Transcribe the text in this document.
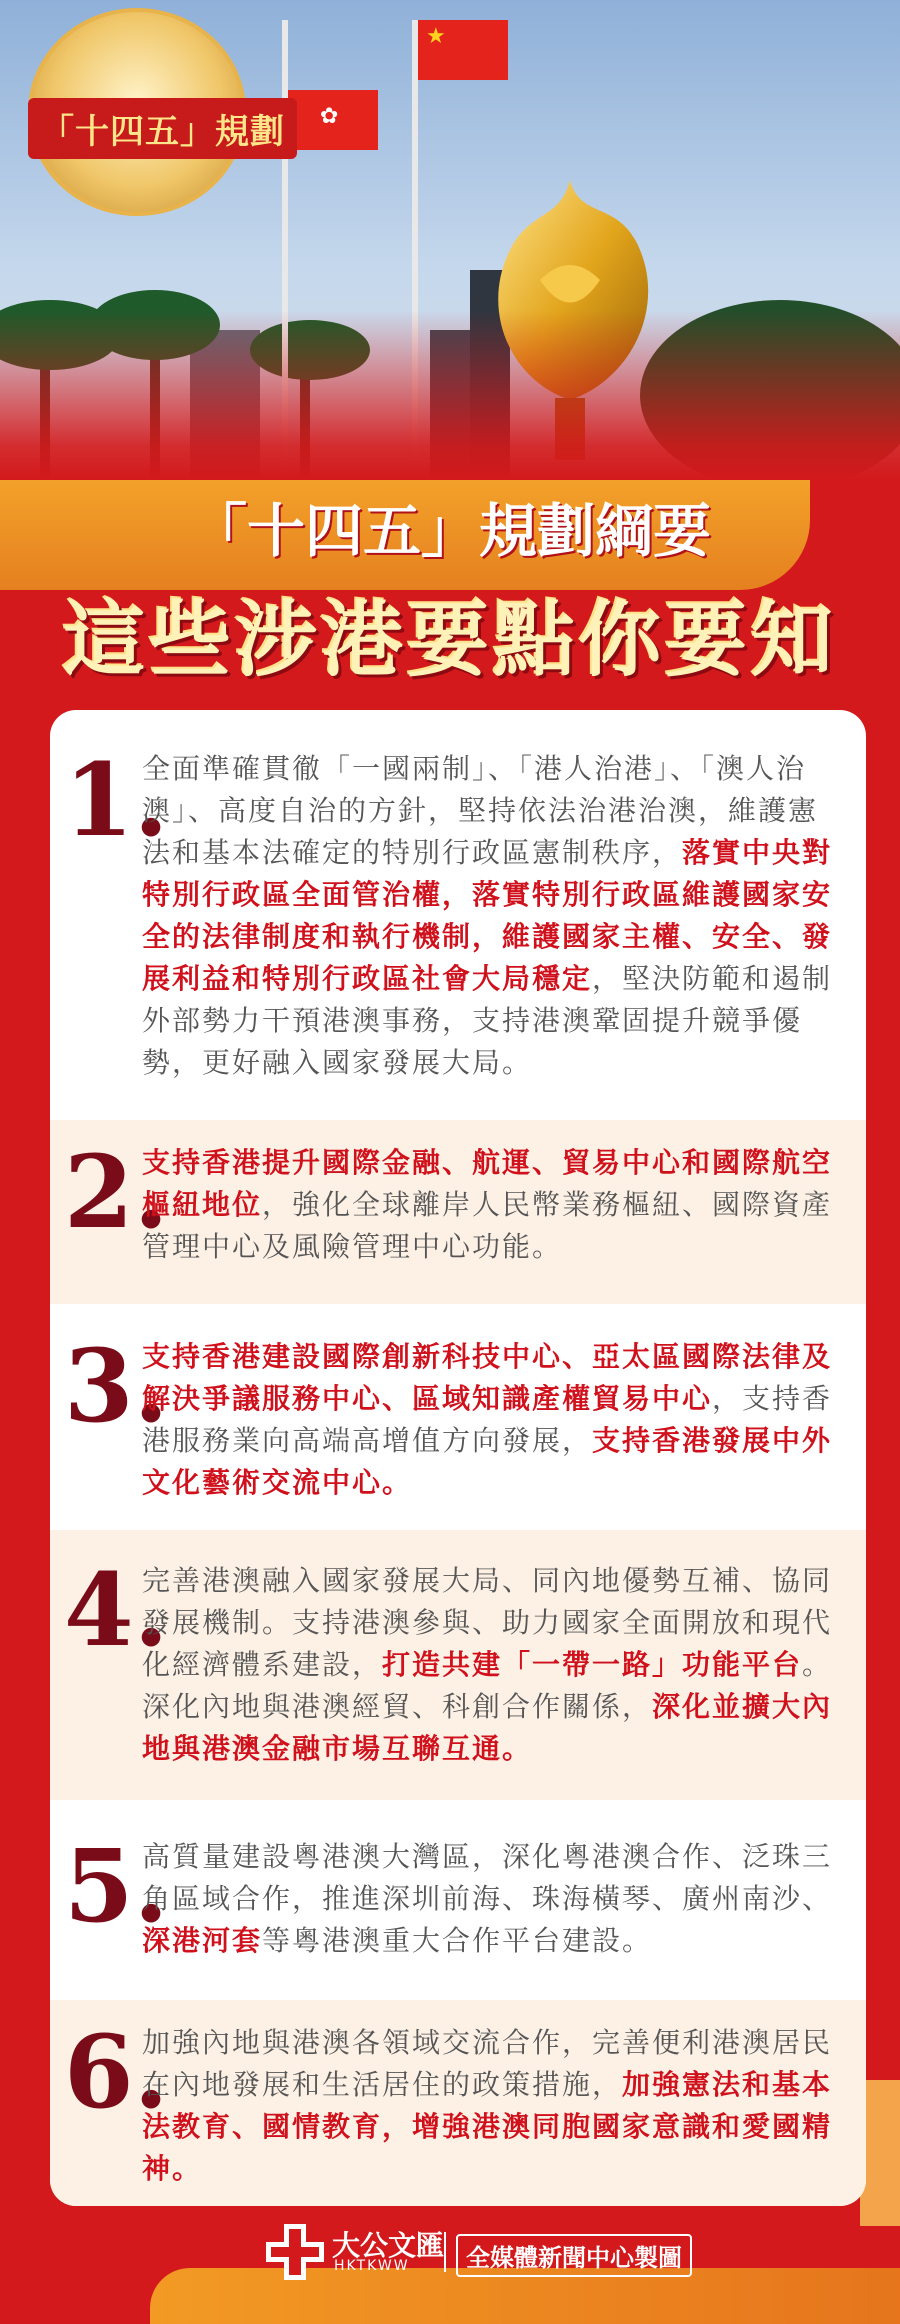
✿
★
「十四五」規劃
「十四五」規劃綱要
這些涉港要點你要知
1.
全面準確貫徹「一國兩制」、「港人治港」、「澳人治澳」、高度自治的方針，堅持依法治港治澳，維護憲法和基本法確定的特別行政區憲制秩序，落實中央對特別行政區全面管治權，落實特別行政區維護國家安全的法律制度和執行機制，維護國家主權、安全、發展利益和特別行政區社會大局穩定，堅決防範和遏制外部勢力干預港澳事務，支持港澳鞏固提升競爭優勢，更好融入國家發展大局。
2.
支持香港提升國際金融、航運、貿易中心和國際航空樞紐地位，強化全球離岸人民幣業務樞紐、國際資產管理中心及風險管理中心功能。
3.
支持香港建設國際創新科技中心、亞太區國際法律及解決爭議服務中心、區域知識產權貿易中心，支持香港服務業向高端高增值方向發展，支持香港發展中外文化藝術交流中心。
4.
完善港澳融入國家發展大局、同內地優勢互補、協同發展機制。支持港澳參與、助力國家全面開放和現代化經濟體系建設，打造共建「一帶一路」功能平台。深化內地與港澳經貿、科創合作關係，深化並擴大內地與港澳金融市場互聯互通。
5.
高質量建設粵港澳大灣區，深化粵港澳合作、泛珠三角區域合作，推進深圳前海、珠海橫琴、廣州南沙、深港河套等粵港澳重大合作平台建設。
6.
加強內地與港澳各領域交流合作，完善便利港澳居民在內地發展和生活居住的政策措施，加強憲法和基本法教育、國情教育，增強港澳同胞國家意識和愛國精神。
大公文匯
HKTKWW	全媒體新聞中心製圖
